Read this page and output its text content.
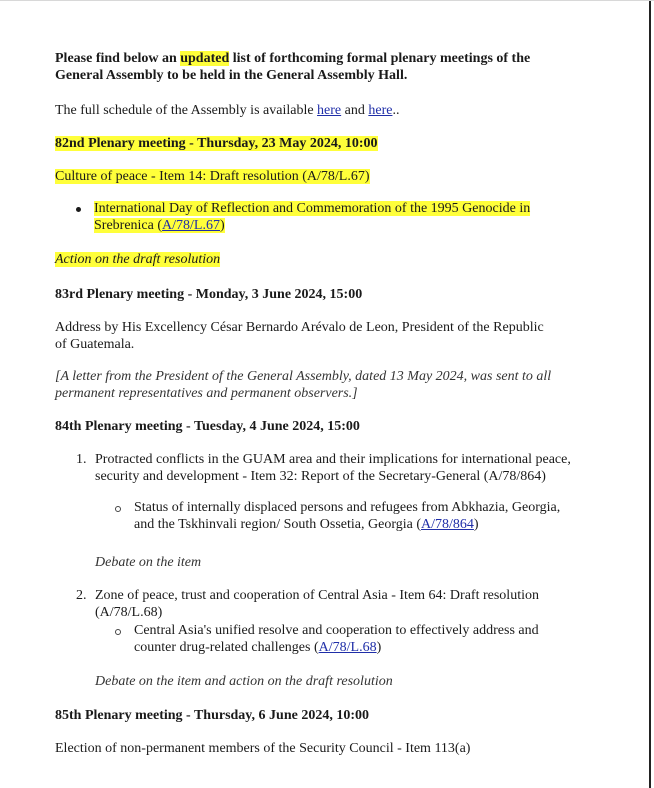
Please find below an updated list of forthcoming formal plenary meetings of the General Assembly to be held in the General Assembly Hall.
The full schedule of the Assembly is available here and here..
82nd Plenary meeting - Thursday, 23 May 2024, 10:00
Culture of peace - Item 14: Draft resolution (A/78/L.67)
International Day of Reflection and Commemoration of the 1995 Genocide in Srebrenica (A/78/L.67)
Action on the draft resolution
83rd Plenary meeting - Monday, 3 June 2024, 15:00
Address by His Excellency César Bernardo Arévalo de Leon, President of the Republic of Guatemala.
[A letter from the President of the General Assembly, dated 13 May 2024, was sent to all permanent representatives and permanent observers.]
84th Plenary meeting - Tuesday, 4 June 2024, 15:00
1. Protracted conflicts in the GUAM area and their implications for international peace, security and development - Item 32: Report of the Secretary-General (A/78/864)
Status of internally displaced persons and refugees from Abkhazia, Georgia, and the Tskhinvali region/ South Ossetia, Georgia (A/78/864)
Debate on the item
2. Zone of peace, trust and cooperation of Central Asia - Item 64: Draft resolution (A/78/L.68)
Central Asia's unified resolve and cooperation to effectively address and counter drug-related challenges (A/78/L.68)
Debate on the item and action on the draft resolution
85th Plenary meeting - Thursday, 6 June 2024, 10:00
Election of non-permanent members of the Security Council - Item 113(a)
